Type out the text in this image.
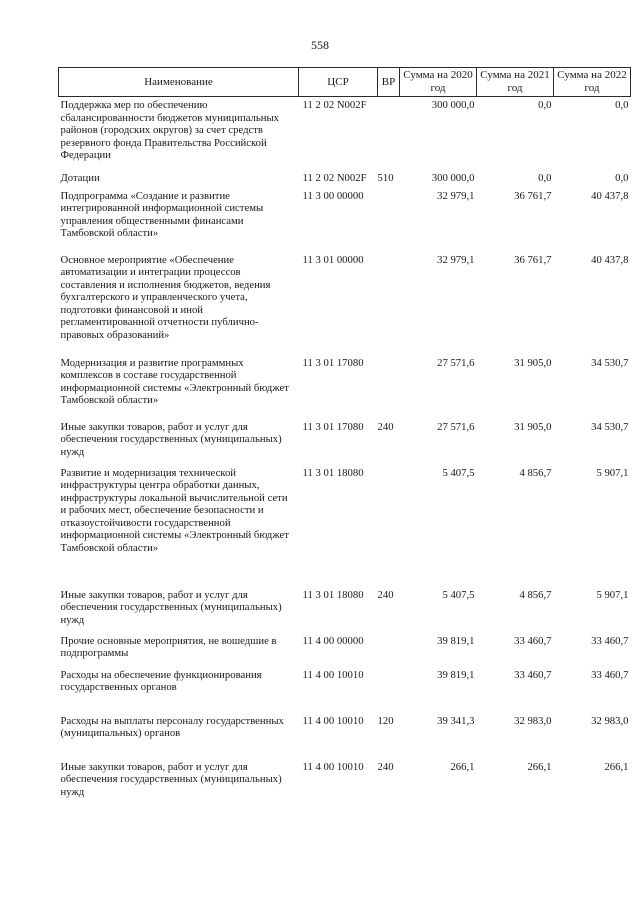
558
Наименование	ЦСР	ВР	Сумма на 2020 год	Сумма на 2021 год	Сумма на 2022 год
Поддержка мер по обеспечению сбалансированности бюджетов муниципальных районов (городских округов) за счет средств резервного фонда Правительства Российской Федерации	11 2 02 N002F		300 000,0	0,0	0,0
Дотации	11 2 02 N002F	510	300 000,0	0,0	0,0
Подпрограмма «Создание и развитие интегрированной информационной системы управления общественными финансами Тамбовской области»	11 3 00 00000		32 979,1	36 761,7	40 437,8
Основное мероприятие «Обеспечение автоматизации и интеграции процессов составления и исполнения бюджетов, ведения бухгалтерского и управленческого учета, подготовки финансовой и иной регламентированной отчетности публично-правовых образований»	11 3 01 00000		32 979,1	36 761,7	40 437,8
Модернизация и развитие программных комплексов в составе государственной информационной системы «Электронный бюджет Тамбовской области»	11 3 01 17080		27 571,6	31 905,0	34 530,7
Иные закупки товаров, работ и услуг для обеспечения государственных (муниципальных) нужд	11 3 01 17080	240	27 571,6	31 905,0	34 530,7
Развитие и модернизация технической инфраструктуры центра обработки данных, инфраструктуры локальной вычислительной сети и рабочих мест, обеспечение безопасности и отказоустойчивости государственной информационной системы «Электронный бюджет Тамбовской области»	11 3 01 18080		5 407,5	4 856,7	5 907,1
Иные закупки товаров, работ и услуг для обеспечения государственных (муниципальных) нужд	11 3 01 18080	240	5 407,5	4 856,7	5 907,1
Прочие основные мероприятия, не вошедшие в подпрограммы	11 4 00 00000		39 819,1	33 460,7	33 460,7
Расходы на обеспечение функционирования государственных органов	11 4 00 10010		39 819,1	33 460,7	33 460,7
Расходы на выплаты персоналу государственных (муниципальных) органов	11 4 00 10010	120	39 341,3	32 983,0	32 983,0
Иные закупки товаров, работ и услуг для обеспечения государственных (муниципальных) нужд	11 4 00 10010	240	266,1	266,1	266,1
